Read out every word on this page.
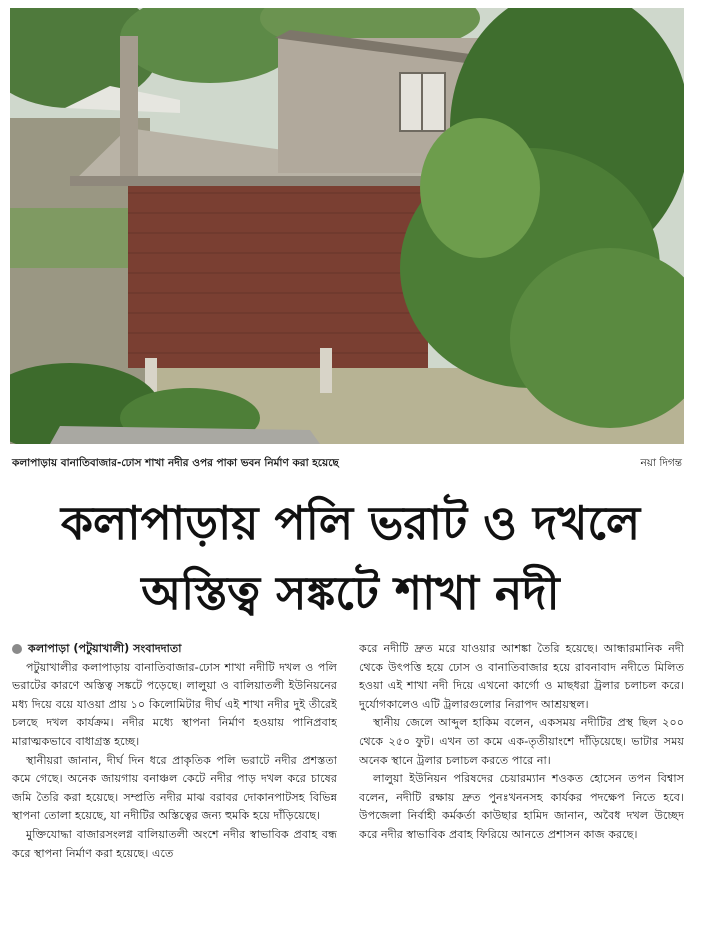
কলাপাড়ায় বানাতিবাজার-ঢোস শাখা নদীর ওপর পাকা ভবন নির্মাণ করা হয়েছে	নয়া দিগন্ত
কলাপাড়ায় পলি ভরাট ও দখলে
অস্তিত্ব সঙ্কটে শাখা নদী
কলাপাড়া (পটুয়াখালী) সংবাদদাতা

পটুয়াখালীর কলাপাড়ায় বানাতিবাজার-ঢোস শাখা নদীটি দখল ও পলি ভরাটের কারণে অস্তিত্ব সঙ্কটে পড়েছে। লালুয়া ও বালিয়াতলী ইউনিয়নের মধ্য দিয়ে বয়ে যাওয়া প্রায় ১০ কিলোমিটার দীর্ঘ এই শাখা নদীর দুই তীরেই চলছে দখল কার্যক্রম। নদীর মধ্যে স্থাপনা নির্মাণ হওয়ায় পানিপ্রবাহ মারাত্মকভাবে বাধাগ্রস্ত হচ্ছে।

স্থানীয়রা জানান, দীর্ঘ দিন ধরে প্রাকৃতিক পলি ভরাটে নদীর প্রশস্ততা কমে গেছে। অনেক জায়গায় বনাঞ্চল কেটে নদীর পাড় দখল করে চাষের জমি তৈরি করা হয়েছে। সম্প্রতি নদীর মাঝ বরাবর দোকানপাটসহ বিভিন্ন স্থাপনা তোলা হয়েছে, যা নদীটির অস্তিত্বের জন্য হুমকি হয়ে দাঁড়িয়েছে।

মুক্তিযোদ্ধা বাজারসংলগ্ন বালিয়াতলী অংশে নদীর স্বাভাবিক প্রবাহ বন্ধ করে স্থাপনা নির্মাণ করা হয়েছে। এতে

করে নদীটি দ্রুত মরে যাওয়ার আশঙ্কা তৈরি হয়েছে। আন্ধারমানিক নদী থেকে উৎপত্তি হয়ে ঢোস ও বানাতিবাজার হয়ে রাবনাবাদ নদীতে মিলিত হওয়া এই শাখা নদী দিয়ে এখনো কার্গো ও মাছধরা ট্রলার চলাচল করে। দুর্যোগকালেও এটি ট্রলারগুলোর নিরাপদ আশ্রয়স্থল।

স্থানীয় জেলে আব্দুল হাকিম বলেন, একসময় নদীটির প্রস্থ ছিল ২০০ থেকে ২৫০ ফুট। এখন তা কমে এক-তৃতীয়াংশে দাঁড়িয়েছে। ভাটার সময় অনেক স্থানে ট্রলার চলাচল করতে পারে না।

লালুয়া ইউনিয়ন পরিষদের চেয়ারম্যান শওকত হোসেন তপন বিশ্বাস বলেন, নদীটি রক্ষায় দ্রুত পুনঃখননসহ কার্যকর পদক্ষেপ নিতে হবে। উপজেলা নির্বাহী কর্মকর্তা কাউছার হামিদ জানান, অবৈধ দখল উচ্ছেদ করে নদীর স্বাভাবিক প্রবাহ ফিরিয়ে আনতে প্রশাসন কাজ করছে।
